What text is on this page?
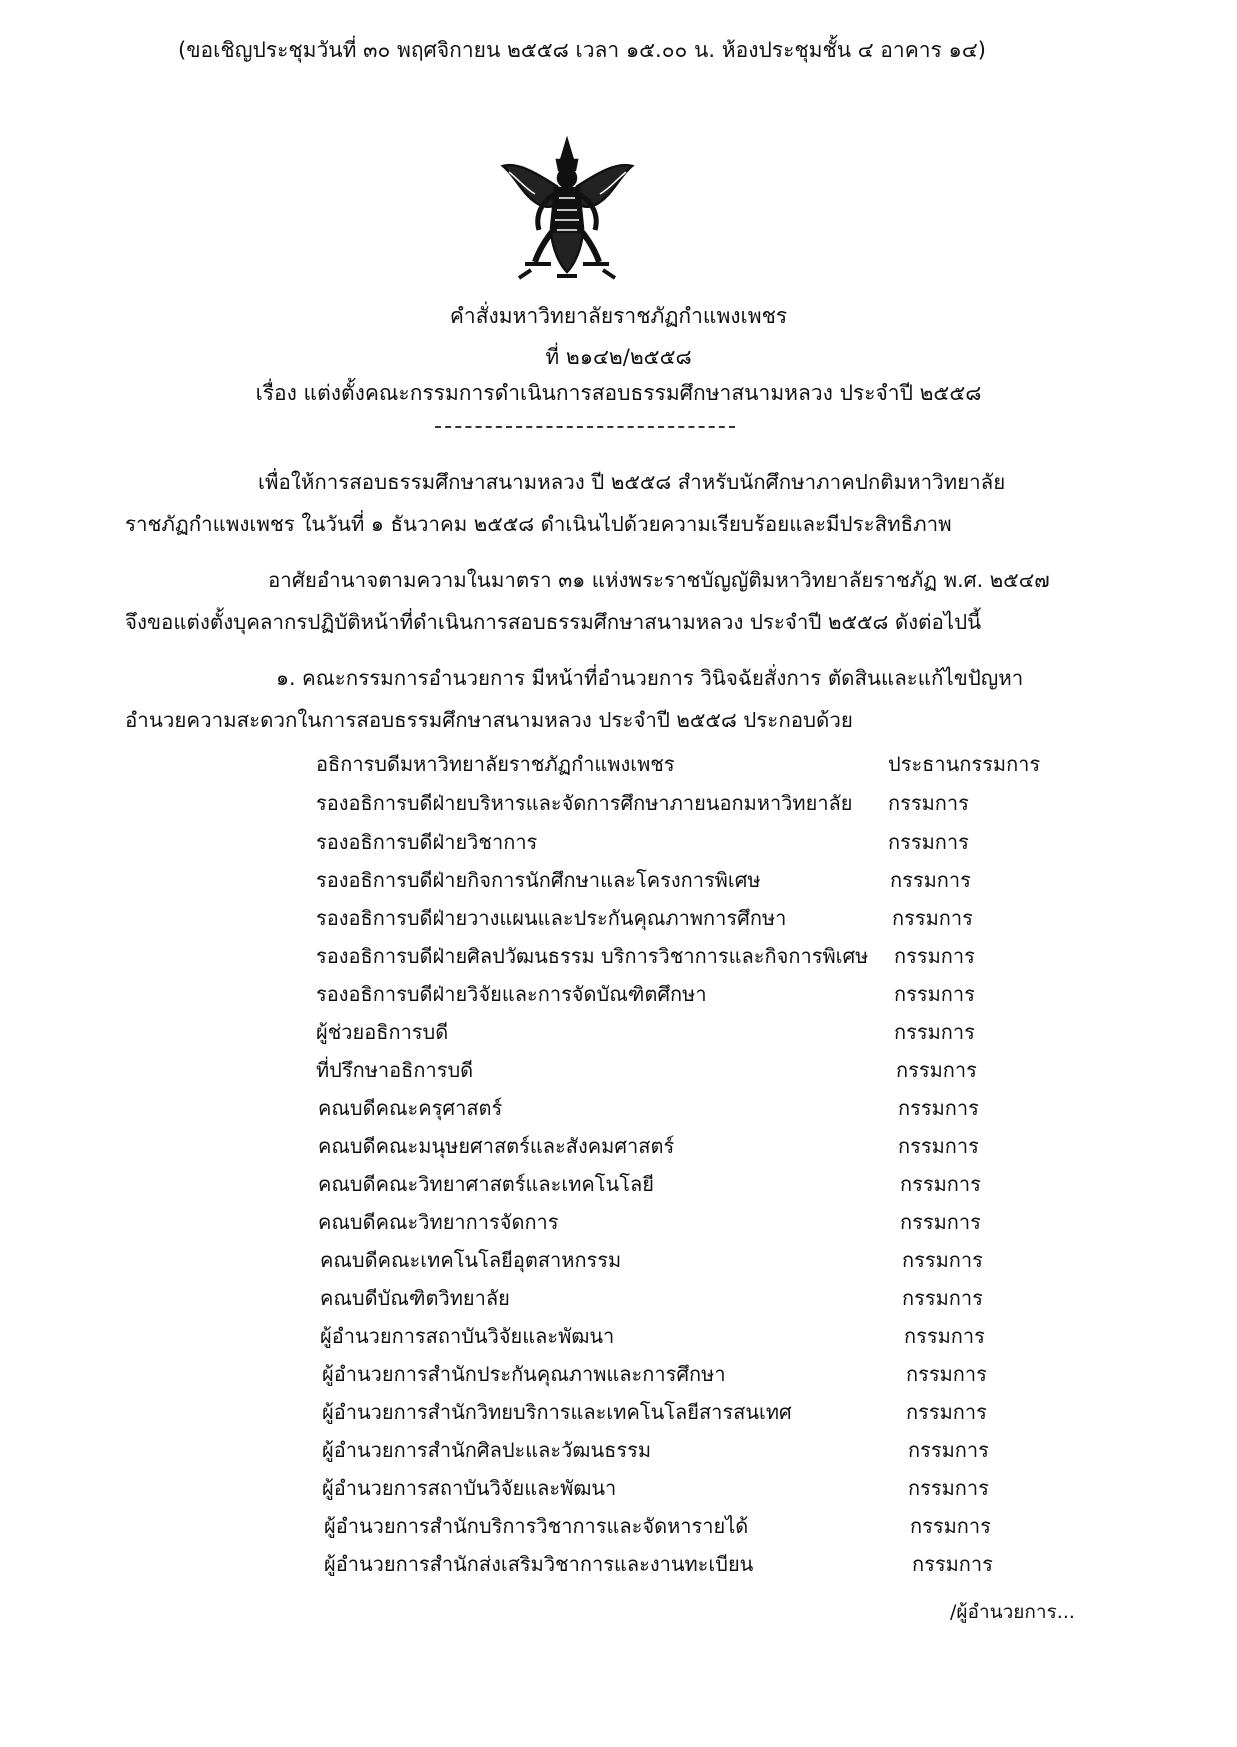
(ขอเชิญประชุมวันที่ ๓๐ พฤศจิกายน ๒๕๕๘ เวลา ๑๕.๐๐ น. ห้องประชุมชั้น ๔ อาคาร ๑๔)
คำสั่งมหาวิทยาลัยราชภัฏกำแพงเพชร
ที่ ๒๑๔๒/๒๕๕๘
เรื่อง แต่งตั้งคณะกรรมการดำเนินการสอบธรรมศึกษาสนามหลวง ประจำปี ๒๕๕๘
เพื่อให้การสอบธรรมศึกษาสนามหลวง ปี ๒๕๕๘ สำหรับนักศึกษาภาคปกติมหาวิทยาลัย
ราชภัฏกำแพงเพชร ในวันที่ ๑ ธันวาคม ๒๕๕๘ ดำเนินไปด้วยความเรียบร้อยและมีประสิทธิภาพ
อาศัยอำนาจตามความในมาตรา ๓๑ แห่งพระราชบัญญัติมหาวิทยาลัยราชภัฏ พ.ศ. ๒๕๔๗
จึงขอแต่งตั้งบุคลากรปฏิบัติหน้าที่ดำเนินการสอบธรรมศึกษาสนามหลวง ประจำปี ๒๕๕๘ ดังต่อไปนี้
๑. คณะกรรมการอำนวยการ มีหน้าที่อำนวยการ วินิจฉัยสั่งการ ตัดสินและแก้ไขปัญหา
อำนวยความสะดวกในการสอบธรรมศึกษาสนามหลวง ประจำปี ๒๕๕๘ ประกอบด้วย
อธิการบดีมหาวิทยาลัยราชภัฏกำแพงเพชร	ประธานกรรมการ
รองอธิการบดีฝ่ายบริหารและจัดการศึกษาภายนอกมหาวิทยาลัย กรรมการ
รองอธิการบดีฝ่ายวิชาการ	กรรมการ
รองอธิการบดีฝ่ายกิจการนักศึกษาและโครงการพิเศษ	กรรมการ
รองอธิการบดีฝ่ายวางแผนและประกันคุณภาพการศึกษา	กรรมการ
รองอธิการบดีฝ่ายศิลปวัฒนธรรม บริการวิชาการและกิจการพิเศษ กรรมการ
รองอธิการบดีฝ่ายวิจัยและการจัดบัณฑิตศึกษา	กรรมการ
ผู้ช่วยอธิการบดี	กรรมการ
ที่ปรึกษาอธิการบดี	กรรมการ
คณบดีคณะครุศาสตร์	กรรมการ
คณบดีคณะมนุษยศาสตร์และสังคมศาสตร์	กรรมการ
คณบดีคณะวิทยาศาสตร์และเทคโนโลยี	กรรมการ
คณบดีคณะวิทยาการจัดการ	กรรมการ
คณบดีคณะเทคโนโลยีอุตสาหกรรม	กรรมการ
คณบดีบัณฑิตวิทยาลัย	กรรมการ
ผู้อำนวยการสถาบันวิจัยและพัฒนา	กรรมการ
ผู้อำนวยการสำนักประกันคุณภาพและการศึกษา	กรรมการ
ผู้อำนวยการสำนักวิทยบริการและเทคโนโลยีสารสนเทศ	กรรมการ
ผู้อำนวยการสำนักศิลปะและวัฒนธรรม	กรรมการ
ผู้อำนวยการสถาบันวิจัยและพัฒนา	กรรมการ
ผู้อำนวยการสำนักบริการวิชาการและจัดหารายได้	กรรมการ
ผู้อำนวยการสำนักส่งเสริมวิชาการและงานทะเบียน	กรรมการ
/ผู้อำนวยการ...
